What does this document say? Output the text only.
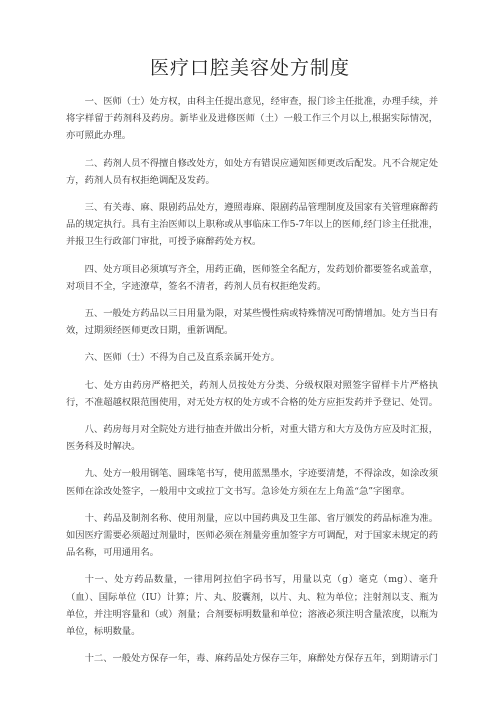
医疗口腔美容处方制度

一、医师（士）处方权，由科主任提出意见，经审查，报门诊主任批准，办理手续，并将字样留于药剂科及药房。新毕业及进修医师（土）一般工作三个月以上,根据实际情况，亦可照此办理。

二、药剂人员不得擅自修改处方，如处方有错误应通知医师更改后配发。凡不合规定处方，药剂人员有权拒绝调配及发药。

三、有关毒、麻、限剧药品处方，遵照毒麻、限剧药品管理制度及国家有关管理麻醉药品的规定执行。具有主治医师以上职称或从事临床工作5-7年以上的医师,经门诊主任批准，并报卫生行政部门审批，可授予麻醉药处方权。

四、处方项目必须填写齐全，用药正确，医师签全名配方，发药划价都要签名或盖章，对项目不全，字迹潦草，签名不清者，药剂人员有权拒绝发药。

五、一般处方药品以三日用量为限，对某些慢性病或特殊情况可酌情增加。处方当日有效，过期须经医师更改日期，重新调配。

六、医师（士）不得为自己及直系亲属开处方。

七、处方由药房严格把关，药剂人员按处方分类、分级权限对照签字留样卡片严格执行，不准超越权限范围使用，对无处方权的处方或不合格的处方应拒发药并予登记、处罚。

八、药房每月对全院处方进行抽查并做出分析，对重大错方和大方及伪方应及时汇报，医务科及时解决。

九、处方一般用钢笔、圆珠笔书写，使用蓝黑墨水，字迹要清楚，不得涂改，如涂改须医师在涂改处签字，一般用中文或拉丁文书写。急诊处方须在左上角盖“急”字图章。

十、药品及制剂名称、使用剂量，应以中国药典及卫生部、省厅颁发的药品标准为准。如因医疗需要必须超过剂量时，医师必须在剂量旁重加签字方可调配，对于国家未规定的药品名称，可用通用名。

十一、处方药品数量，一律用阿拉伯字码书写，用量以克（g）毫克（mg）、毫升（血）、国际单位（IU）计算；片、丸、胶囊剂，以片、丸、粒为单位；注射剂以支、瓶为单位，并注明容量和（或）剂量；合剂要标明数量和单位；溶液必须注明含量浓度，以瓶为单位，标明数量。

十二、一般处方保存一年，毒、麻药品处方保存三年，麻醉处方保存五年，到期请示门
